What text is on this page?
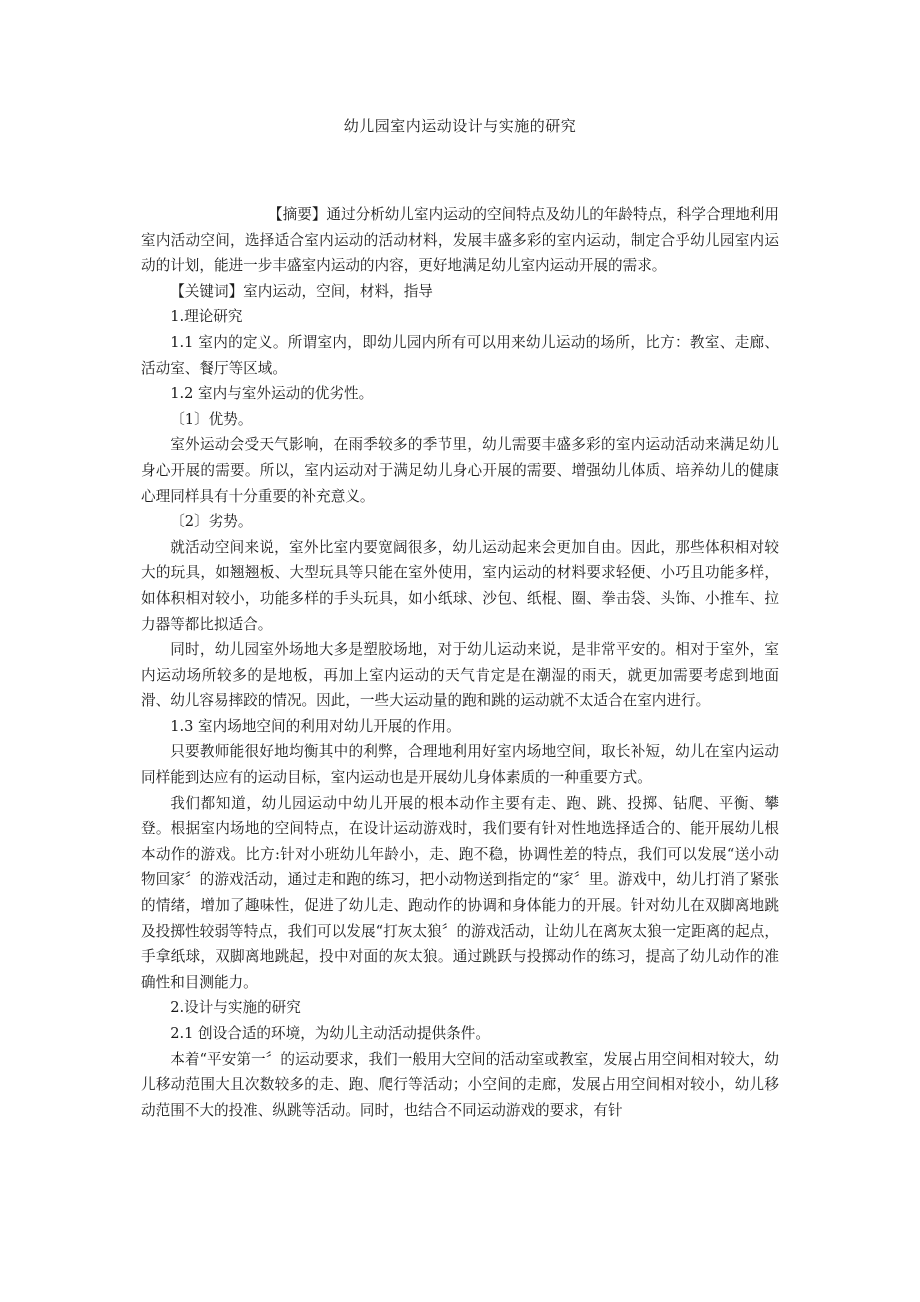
幼儿园室内运动设计与实施的研究

【摘要】通过分析幼儿室内运动的空间特点及幼儿的年龄特点，科学合理地利用室内活动空间，选择适合室内运动的活动材料，发展丰盛多彩的室内运动，制定合乎幼儿园室内运动的计划，能进一步丰盛室内运动的内容，更好地满足幼儿室内运动开展的需求。

【关键词】室内运动，空间，材料，指导

1.理论研究

1.1 室内的定义。所谓室内，即幼儿园内所有可以用来幼儿运动的场所，比方：教室、走廊、活动室、餐厅等区域。

1.2 室内与室外运动的优劣性。

〔1〕优势。

室外运动会受天气影响，在雨季较多的季节里，幼儿需要丰盛多彩的室内运动活动来满足幼儿身心开展的需要。所以，室内运动对于满足幼儿身心开展的需要、增强幼儿体质、培养幼儿的健康心理同样具有十分重要的补充意义。

〔2〕劣势。

就活动空间来说，室外比室内要宽阔很多，幼儿运动起来会更加自由。因此，那些体积相对较大的玩具，如翘翘板、大型玩具等只能在室外使用，室内运动的材料要求轻便、小巧且功能多样，如体积相对较小，功能多样的手头玩具，如小纸球、沙包、纸棍、圈、拳击袋、头饰、小推车、拉力器等都比拟适合。

同时，幼儿园室外场地大多是塑胶场地，对于幼儿运动来说，是非常平安的。相对于室外，室内运动场所较多的是地板，再加上室内运动的天气肯定是在潮湿的雨天，就更加需要考虑到地面滑、幼儿容易摔跤的情况。因此，一些大运动量的跑和跳的运动就不太适合在室内进行。

1.3 室内场地空间的利用对幼儿开展的作用。

只要教师能很好地均衡其中的利弊，合理地利用好室内场地空间，取长补短，幼儿在室内运动同样能到达应有的运动目标，室内运动也是开展幼儿身体素质的一种重要方式。

我们都知道，幼儿园运动中幼儿开展的根本动作主要有走、跑、跳、投掷、钻爬、平衡、攀登。根据室内场地的空间特点，在设计运动游戏时，我们要有针对性地选择适合的、能开展幼儿根本动作的游戏。比方:针对小班幼儿年龄小，走、跑不稳，协调性差的特点，我们可以发展“送小动物回家〞的游戏活动，通过走和跑的练习，把小动物送到指定的“家〞里。游戏中，幼儿打消了紧张的情绪，增加了趣味性，促进了幼儿走、跑动作的协调和身体能力的开展。针对幼儿在双脚离地跳及投掷性较弱等特点，我们可以发展“打灰太狼〞的游戏活动，让幼儿在离灰太狼一定距离的起点，手拿纸球，双脚离地跳起，投中对面的灰太狼。通过跳跃与投掷动作的练习，提高了幼儿动作的准确性和目测能力。

2.设计与实施的研究

2.1 创设合适的环境，为幼儿主动活动提供条件。

本着“平安第一〞的运动要求，我们一般用大空间的活动室或教室，发展占用空间相对较大，幼儿移动范围大且次数较多的走、跑、爬行等活动；小空间的走廊，发展占用空间相对较小，幼儿移动范围不大的投准、纵跳等活动。同时，也结合不同运动游戏的要求，有针
